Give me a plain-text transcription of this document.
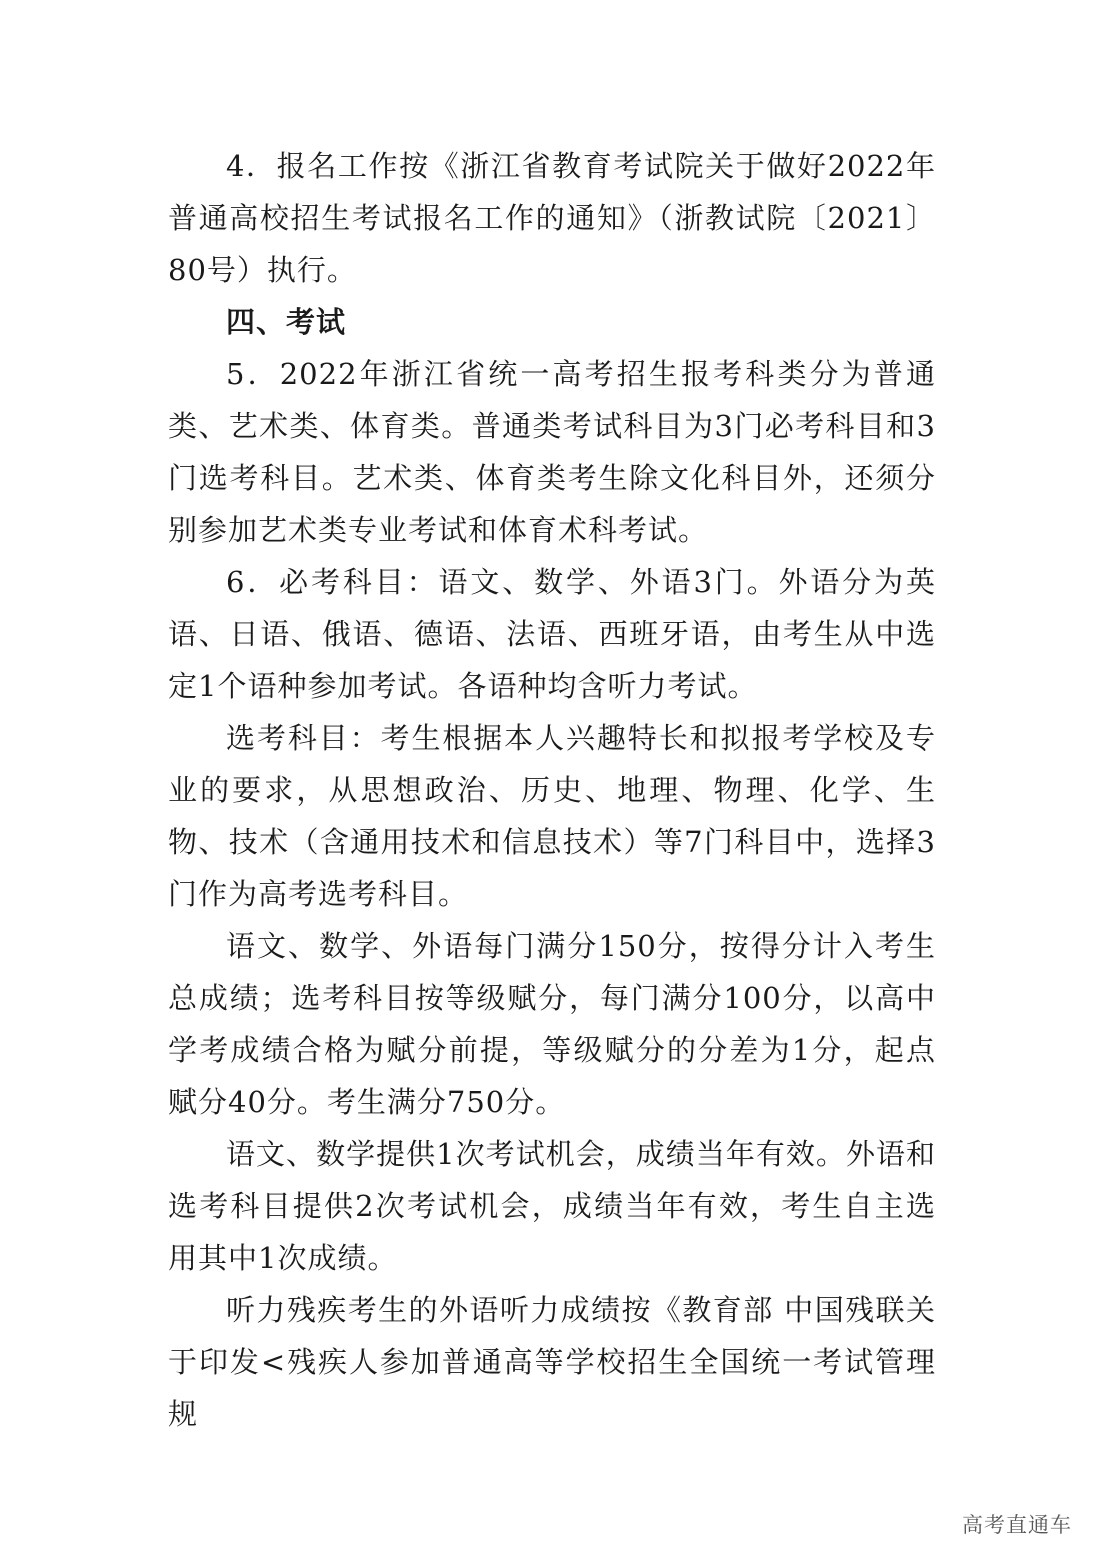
4．报名工作按《浙江省教育考试院关于做好2022年普通高校招生考试报名工作的通知》（浙教试院〔2021〕80号）执行。

四、考试

5．2022年浙江省统一高考招生报考科类分为普通类、艺术类、体育类。普通类考试科目为3门必考科目和3门选考科目。艺术类、体育类考生除文化科目外，还须分别参加艺术类专业考试和体育术科考试。

6．必考科目：语文、数学、外语3门。外语分为英语、日语、俄语、德语、法语、西班牙语，由考生从中选定1个语种参加考试。各语种均含听力考试。

选考科目：考生根据本人兴趣特长和拟报考学校及专业的要求，从思想政治、历史、地理、物理、化学、生物、技术（含通用技术和信息技术）等7门科目中，选择3门作为高考选考科目。

语文、数学、外语每门满分150分，按得分计入考生总成绩；选考科目按等级赋分，每门满分100分，以高中学考成绩合格为赋分前提，等级赋分的分差为1分，起点赋分40分。考生满分750分。

语文、数学提供1次考试机会，成绩当年有效。外语和选考科目提供2次考试机会，成绩当年有效，考生自主选用其中1次成绩。

听力残疾考生的外语听力成绩按《教育部 中国残联关于印发<残疾人参加普通高等学校招生全国统一考试管理规

高考直通车
